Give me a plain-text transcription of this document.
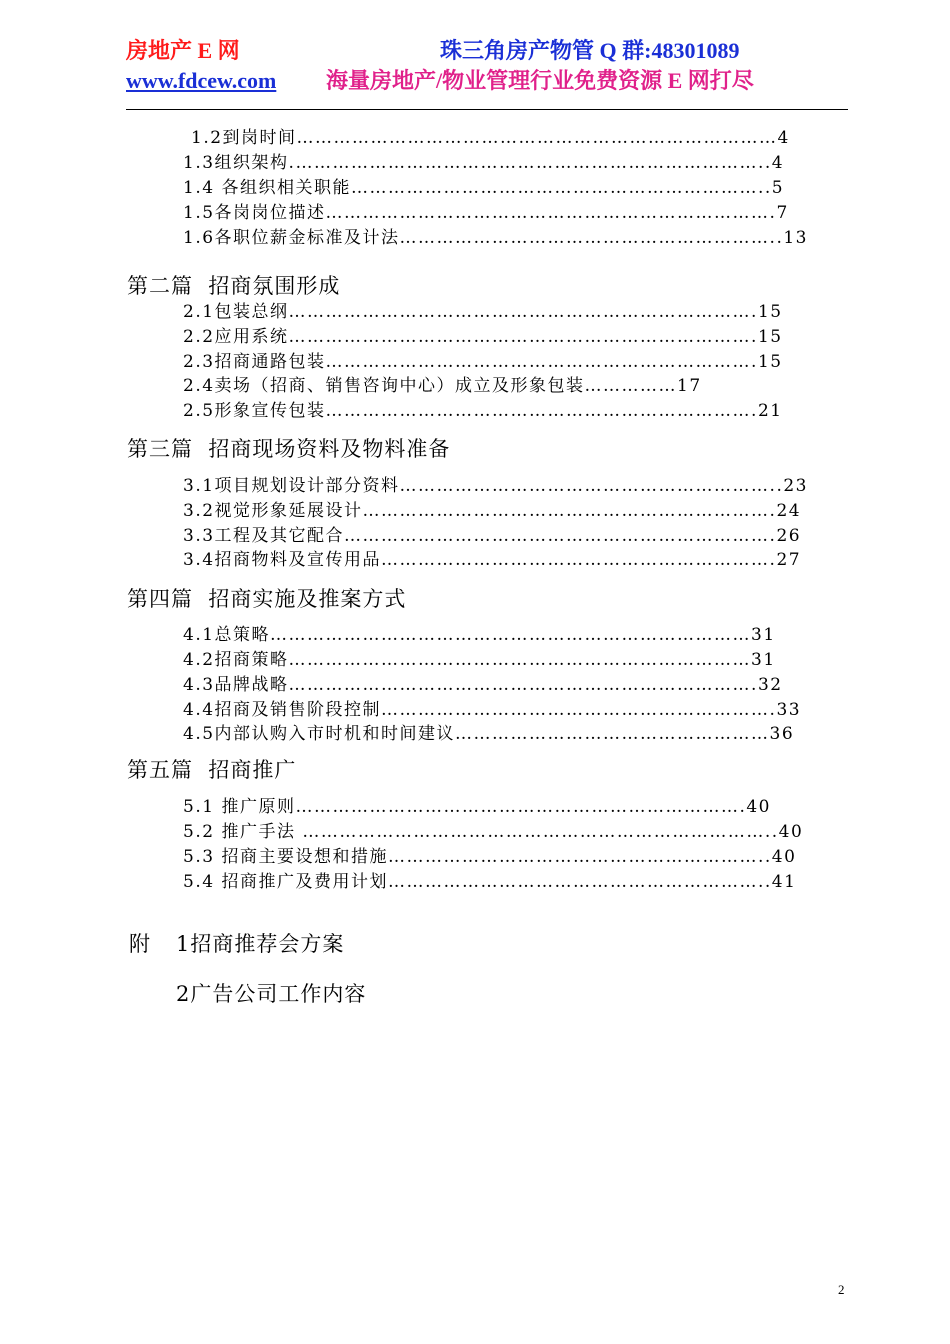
房地产 E 网	珠三角房产物管 Q 群:48301089
www.fdcew.com 海量房地产/物业管理行业免费资源 E 网打尽
1.2到岗时间……………………………………………………………………4
1.3组织架构.…………………………………………………………………..4
1.4 各组织相关职能…………………………………………………………..5
1.5各岗岗位描述……………………………………………………………….7
1.6各职位薪金标准及计法……………………………………………………..13
第二篇  招商氛围形成
2.1包装总纲………………………………………………………………….15
2.2应用系统………………………………………………………………….15
2.3招商通路包装…………………………………………………………….15
2.4卖场（招商、销售咨询中心）成立及形象包装……………17
2.5形象宣传包装…………………………………………………………….21
第三篇  招商现场资料及物料准备
3.1项目规划设计部分资料……………………………………………………..23
3.2视觉形象延展设计………………………………………………………….24
3.3工程及其它配合…………………………………………………………….26
3.4招商物料及宣传用品……………………………………………………….27
第四篇  招商实施及推案方式
4.1总策略……………………………………………………………………31
4.2招商策略…………………………………………………………………31
4.3品牌战略………………………………………………………………….32
4.4招商及销售阶段控制……………………………………………………….33
4.5内部认购入市时机和时间建议……………………………………………36
第五篇  招商推广
5.1 推广原则……………………………………………………………….40
5.2 推广手法 …………………………………………………………………..40
5.3 招商主要设想和措施……………………………………………………..40
5.4 招商推广及费用计划……………………………………………………..41
附 1招商推荐会方案
2广告公司工作内容
2
